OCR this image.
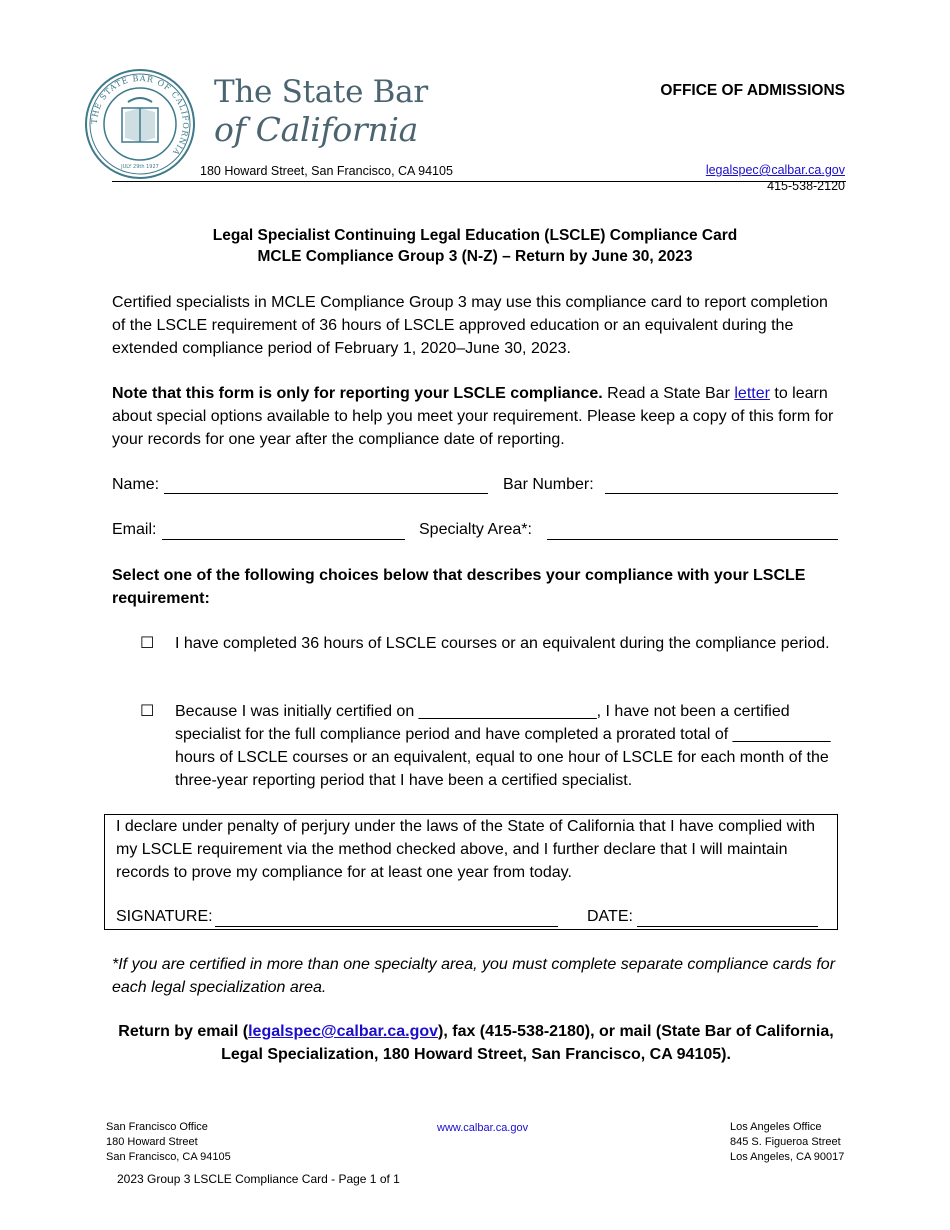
THE STATE BAR OF CALIFORNIA
JULY 29th 1927
The State Bar
of California
OFFICE OF ADMISSIONS
180 Howard Street, San Francisco, CA 94105	legalspec@calbar.ca.gov
415-538-2120
Legal Specialist Continuing Legal Education (LSCLE) Compliance Card
MCLE Compliance Group 3 (N-Z) – Return by June 30, 2023
Certified specialists in MCLE Compliance Group 3 may use this compliance card to report completion of the LSCLE requirement of 36 hours of LSCLE approved education or an equivalent during the extended compliance period of February 1, 2020–June 30, 2023.
Note that this form is only for reporting your LSCLE compliance. Read a State Bar letter to learn about special options available to help you meet your requirement. Please keep a copy of this form for your records for one year after the compliance date of reporting.
Name:	Bar Number:
Email:	Specialty Area*:
Select one of the following choices below that describes your compliance with your LSCLE requirement:
☐ I have completed 36 hours of LSCLE courses or an equivalent during the compliance period.
☐ Because I was initially certified on ____________________, I have not been a certified specialist for the full compliance period and have completed a prorated total of ___________ hours of LSCLE courses or an equivalent, equal to one hour of LSCLE for each month of the three-year reporting period that I have been a certified specialist.
I declare under penalty of perjury under the laws of the State of California that I have complied with my LSCLE requirement via the method checked above, and I further declare that I will maintain records to prove my compliance for at least one year from today.
SIGNATURE:	DATE:
*If you are certified in more than one specialty area, you must complete separate compliance cards for each legal specialization area.
Return by email (legalspec@calbar.ca.gov), fax (415-538-2180), or mail (State Bar of California, Legal Specialization, 180 Howard Street, San Francisco, CA 94105).
San Francisco Office
180 Howard Street
San Francisco, CA 94105
www.calbar.ca.gov	Los Angeles Office
845 S. Figueroa Street
Los Angeles, CA 90017
2023 Group 3 LSCLE Compliance Card - Page 1 of 1
